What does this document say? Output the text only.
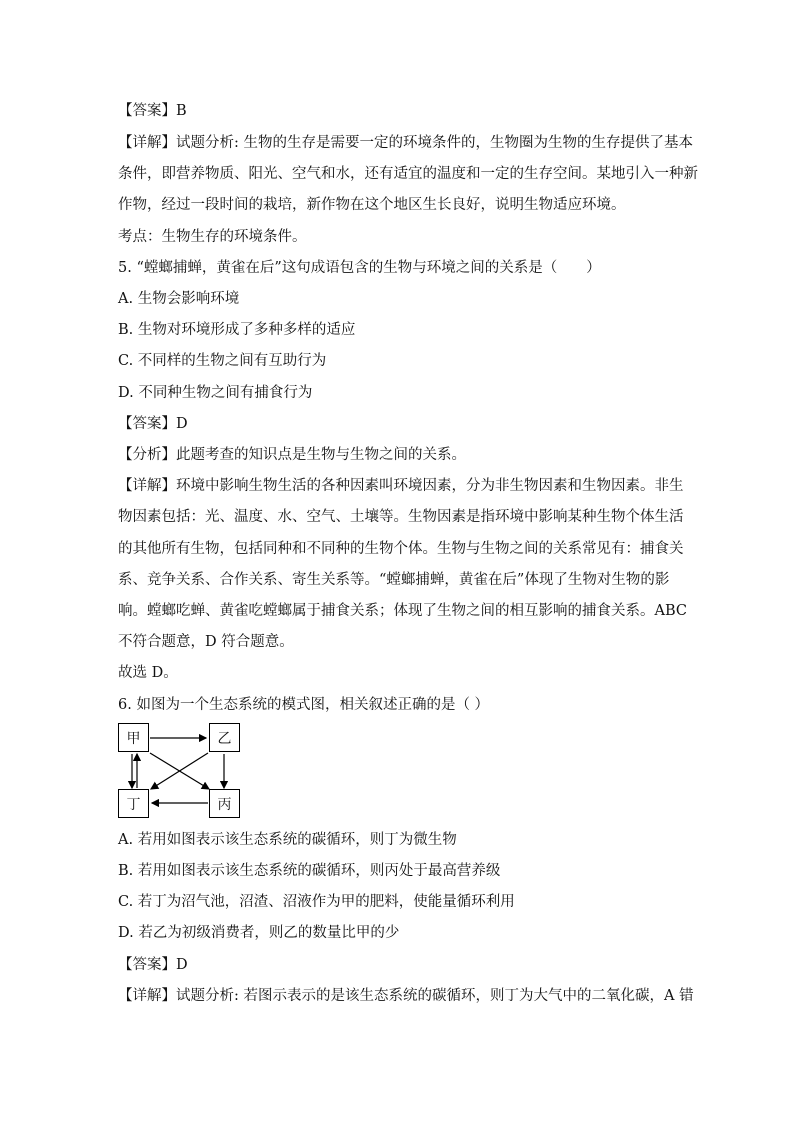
【答案】B
【详解】试题分析: 生物的生存是需要一定的环境条件的，生物圈为生物的生存提供了基本
条件，即营养物质、阳光、空气和水，还有适宜的温度和一定的生存空间。某地引入一种新
作物，经过一段时间的栽培，新作物在这个地区生长良好，说明生物适应环境。
考点：生物生存的环境条件。
5. “螳螂捕蝉，黄雀在后”这句成语包含的生物与环境之间的关系是（　　）
A. 生物会影响环境
B. 生物对环境形成了多种多样的适应
C. 不同样的生物之间有互助行为
D. 不同种生物之间有捕食行为
【答案】D
【分析】此题考查的知识点是生物与生物之间的关系。
【详解】环境中影响生物生活的各种因素叫环境因素，分为非生物因素和生物因素。非生
物因素包括：光、温度、水、空气、土壤等。生物因素是指环境中影响某种生物个体生活
的其他所有生物，包括同种和不同种的生物个体。生物与生物之间的关系常见有：捕食关
系、竞争关系、合作关系、寄生关系等。“螳螂捕蝉，黄雀在后”体现了生物对生物的影
响。螳螂吃蝉、黄雀吃螳螂属于捕食关系；体现了生物之间的相互影响的捕食关系。ABC
不符合题意，D 符合题意。
故选 D。
6. 如图为一个生态系统的模式图，相关叙述正确的是（ ）
甲	乙
丁	丙
A. 若用如图表示该生态系统的碳循环，则丁为微生物
B. 若用如图表示该生态系统的碳循环，则丙处于最高营养级
C. 若丁为沼气池，沼渣、沼液作为甲的肥料，使能量循环利用
D. 若乙为初级消费者，则乙的数量比甲的少
【答案】D
【详解】试题分析: 若图示表示的是该生态系统的碳循环，则丁为大气中的二氧化碳，A 错
